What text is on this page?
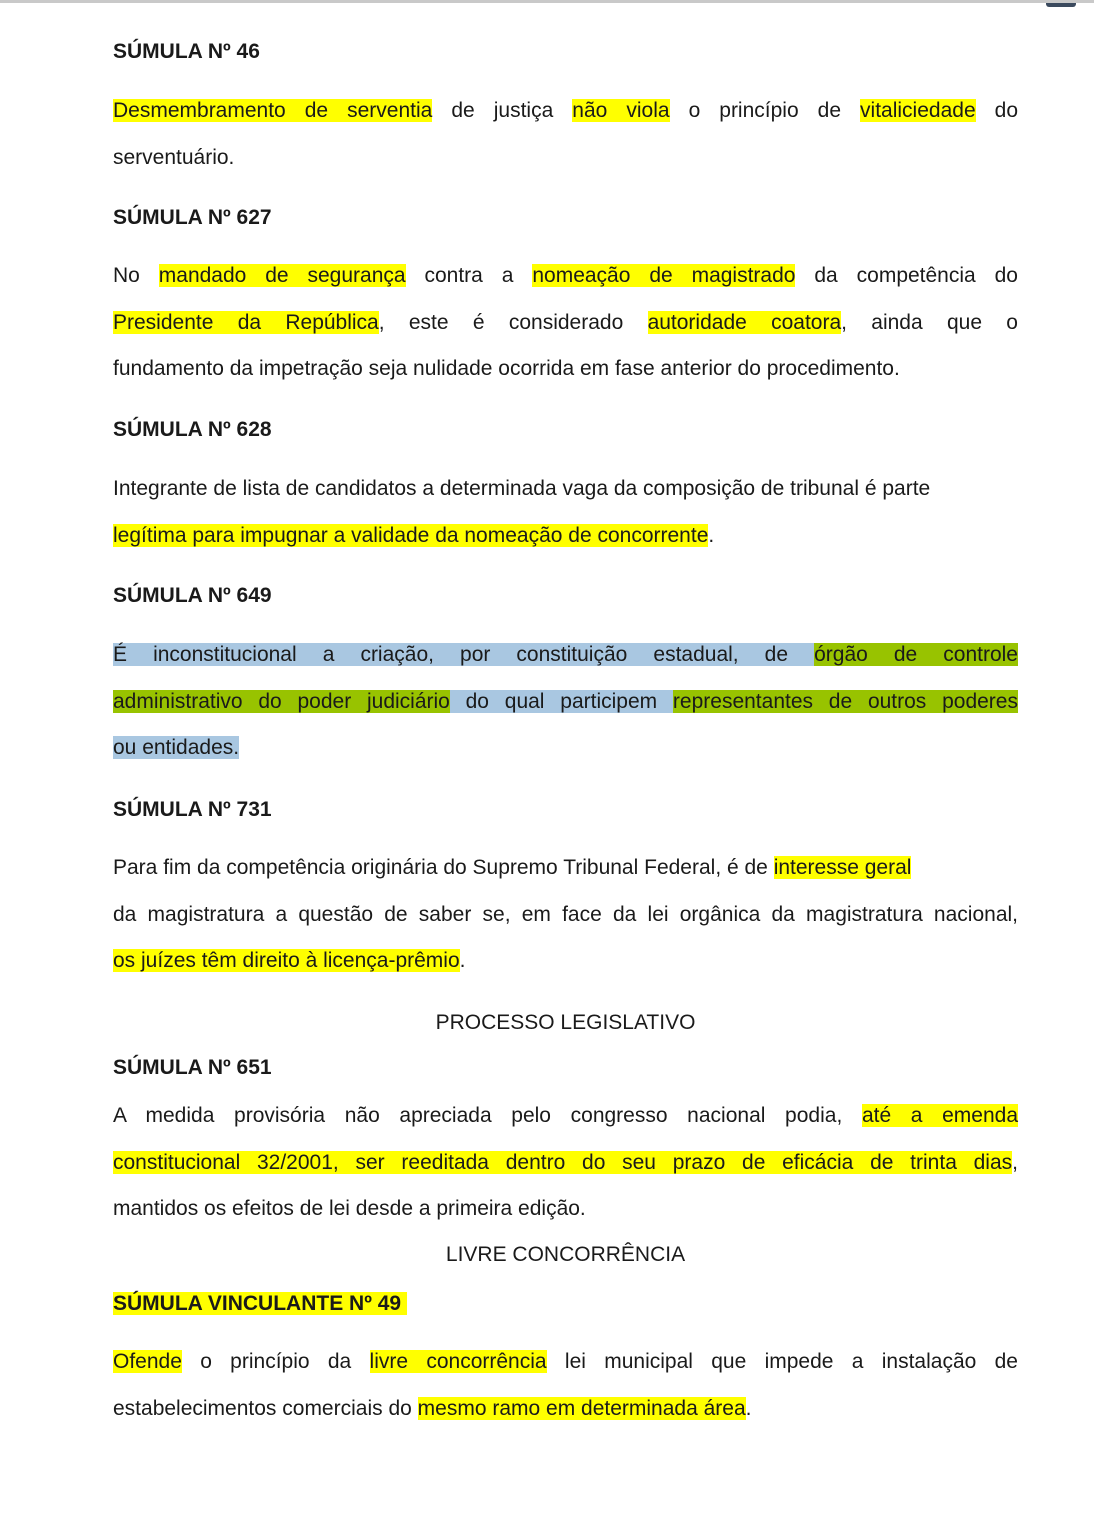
SÚMULA Nº 46
Desmembramento de serventia de justiça não viola o princípio de vitaliciedade do
serventuário.
SÚMULA Nº 627
No mandado de segurança contra a nomeação de magistrado da competência do
Presidente da República, este é considerado autoridade coatora, ainda que o
fundamento da impetração seja nulidade ocorrida em fase anterior do procedimento.
SÚMULA Nº 628
Integrante de lista de candidatos a determinada vaga da composição de tribunal é parte
legítima para impugnar a validade da nomeação de concorrente.
SÚMULA Nº 649
É inconstitucional a criação, por constituição estadual, de órgão de controle
administrativo do poder judiciário do qual participem representantes de outros poderes
ou entidades.
SÚMULA Nº 731
Para fim da competência originária do Supremo Tribunal Federal, é de interesse geral
da magistratura a questão de saber se, em face da lei orgânica da magistratura nacional,
os juízes têm direito à licença-prêmio.
PROCESSO LEGISLATIVO
SÚMULA Nº 651
A medida provisória não apreciada pelo congresso nacional podia, até a emenda
constitucional 32/2001, ser reeditada dentro do seu prazo de eficácia de trinta dias,
mantidos os efeitos de lei desde a primeira edição.
LIVRE CONCORRÊNCIA
SÚMULA VINCULANTE Nº 49
Ofende o princípio da livre concorrência lei municipal que impede a instalação de
estabelecimentos comerciais do mesmo ramo em determinada área.
